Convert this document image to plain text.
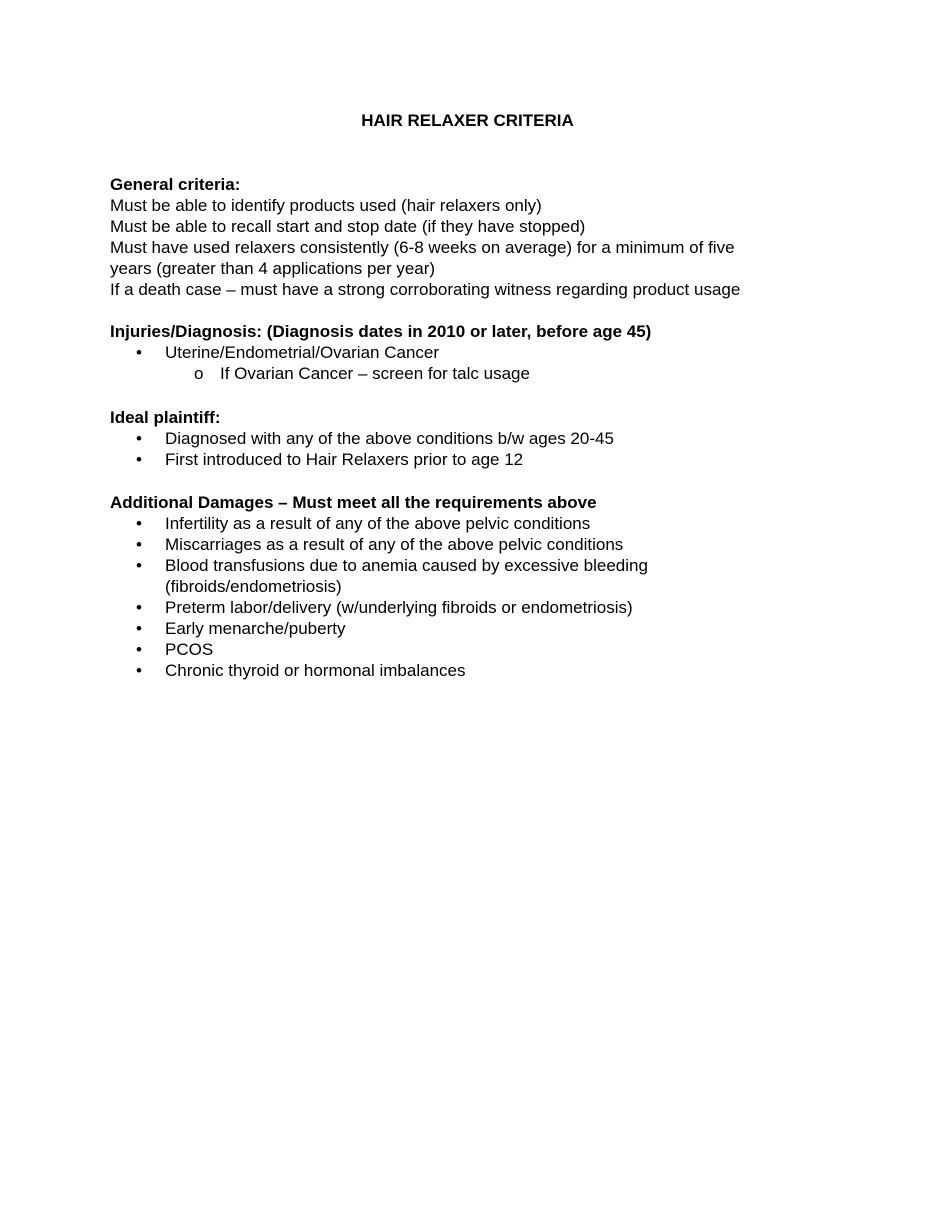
HAIR RELAXER CRITERIA
General criteria:
Must be able to identify products used (hair relaxers only)
Must be able to recall start and stop date (if they have stopped)
Must have used relaxers consistently (6-8 weeks on average) for a minimum of five
years (greater than 4 applications per year)
If a death case – must have a strong corroborating witness regarding product usage
Injuries/Diagnosis: (Diagnosis dates in 2010 or later, before age 45)
• Uterine/Endometrial/Ovarian Cancer
o If Ovarian Cancer – screen for talc usage
Ideal plaintiff:
• Diagnosed with any of the above conditions b/w ages 20-45
• First introduced to Hair Relaxers prior to age 12
Additional Damages – Must meet all the requirements above
• Infertility as a result of any of the above pelvic conditions
• Miscarriages as a result of any of the above pelvic conditions
• Blood transfusions due to anemia caused by excessive bleeding (fibroids/endometriosis)
• Preterm labor/delivery (w/underlying fibroids or endometriosis)
• Early menarche/puberty
• PCOS
• Chronic thyroid or hormonal imbalances
